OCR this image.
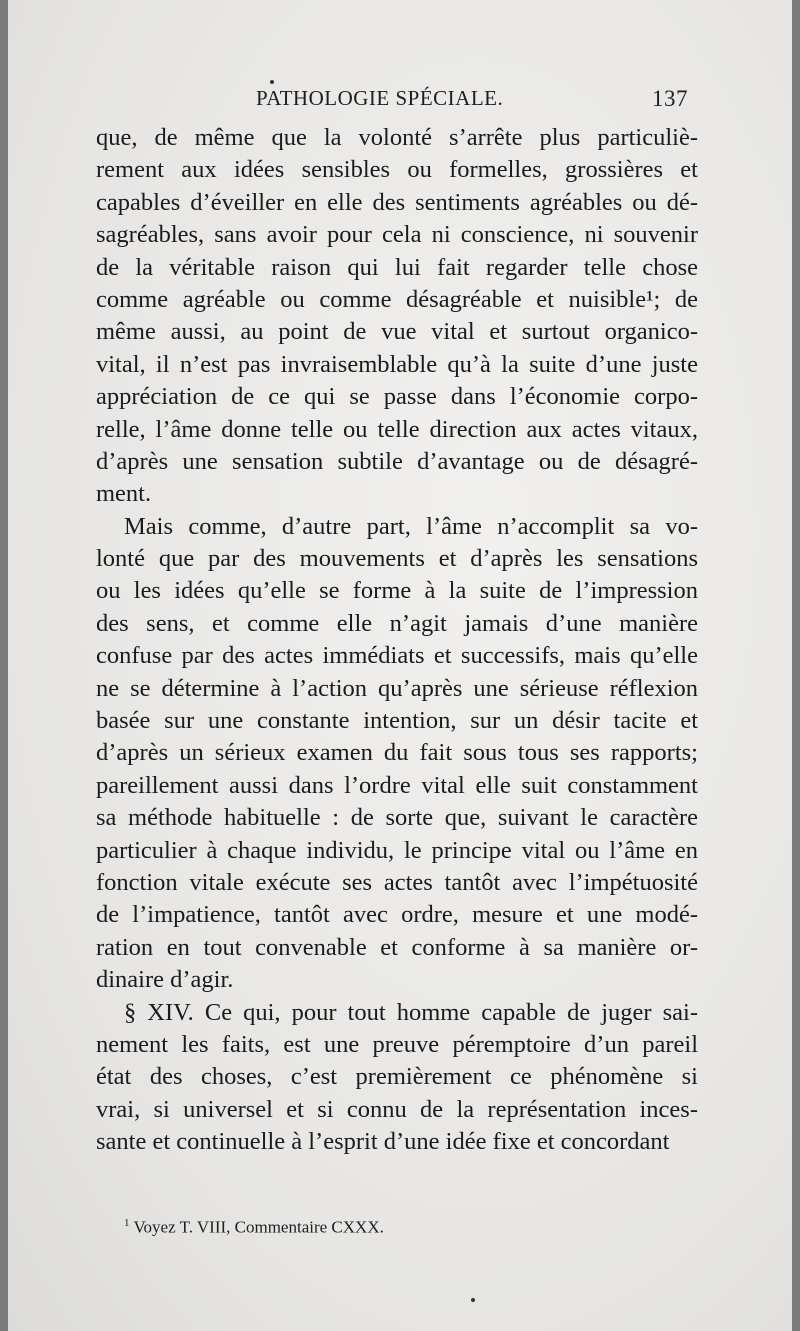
PATHOLOGIE SPÉCIALE.	137
que, de même que la volonté s’arrête plus particuliè-
rement aux idées sensibles ou formelles, grossières et
capables d’éveiller en elle des sentiments agréables ou dé-
sagréables, sans avoir pour cela ni conscience, ni souvenir
de la véritable raison qui lui fait regarder telle chose
comme agréable ou comme désagréable et nuisible¹; de
même aussi, au point de vue vital et surtout organico-
vital, il n’est pas invraisemblable qu’à la suite d’une juste
appréciation de ce qui se passe dans l’économie corpo-
relle, l’âme donne telle ou telle direction aux actes vitaux,
d’après une sensation subtile d’avantage ou de désagré-
ment.
Mais comme, d’autre part, l’âme n’accomplit sa vo-
lonté que par des mouvements et d’après les sensations
ou les idées qu’elle se forme à la suite de l’impression
des sens, et comme elle n’agit jamais d’une manière
confuse par des actes immédiats et successifs, mais qu’elle
ne se détermine à l’action qu’après une sérieuse réflexion
basée sur une constante intention, sur un désir tacite et
d’après un sérieux examen du fait sous tous ses rapports;
pareillement aussi dans l’ordre vital elle suit constamment
sa méthode habituelle : de sorte que, suivant le caractère
particulier à chaque individu, le principe vital ou l’âme en
fonction vitale exécute ses actes tantôt avec l’impétuosité
de l’impatience, tantôt avec ordre, mesure et une modé-
ration en tout convenable et conforme à sa manière or-
dinaire d’agir.
§ XIV. Ce qui, pour tout homme capable de juger sai-
nement les faits, est une preuve péremptoire d’un pareil
état des choses, c’est premièrement ce phénomène si
vrai, si universel et si connu de la représentation inces-
sante et continuelle à l’esprit d’une idée fixe et concordant
$^1$ Voyez T. VIII, Commentaire CXXX.
